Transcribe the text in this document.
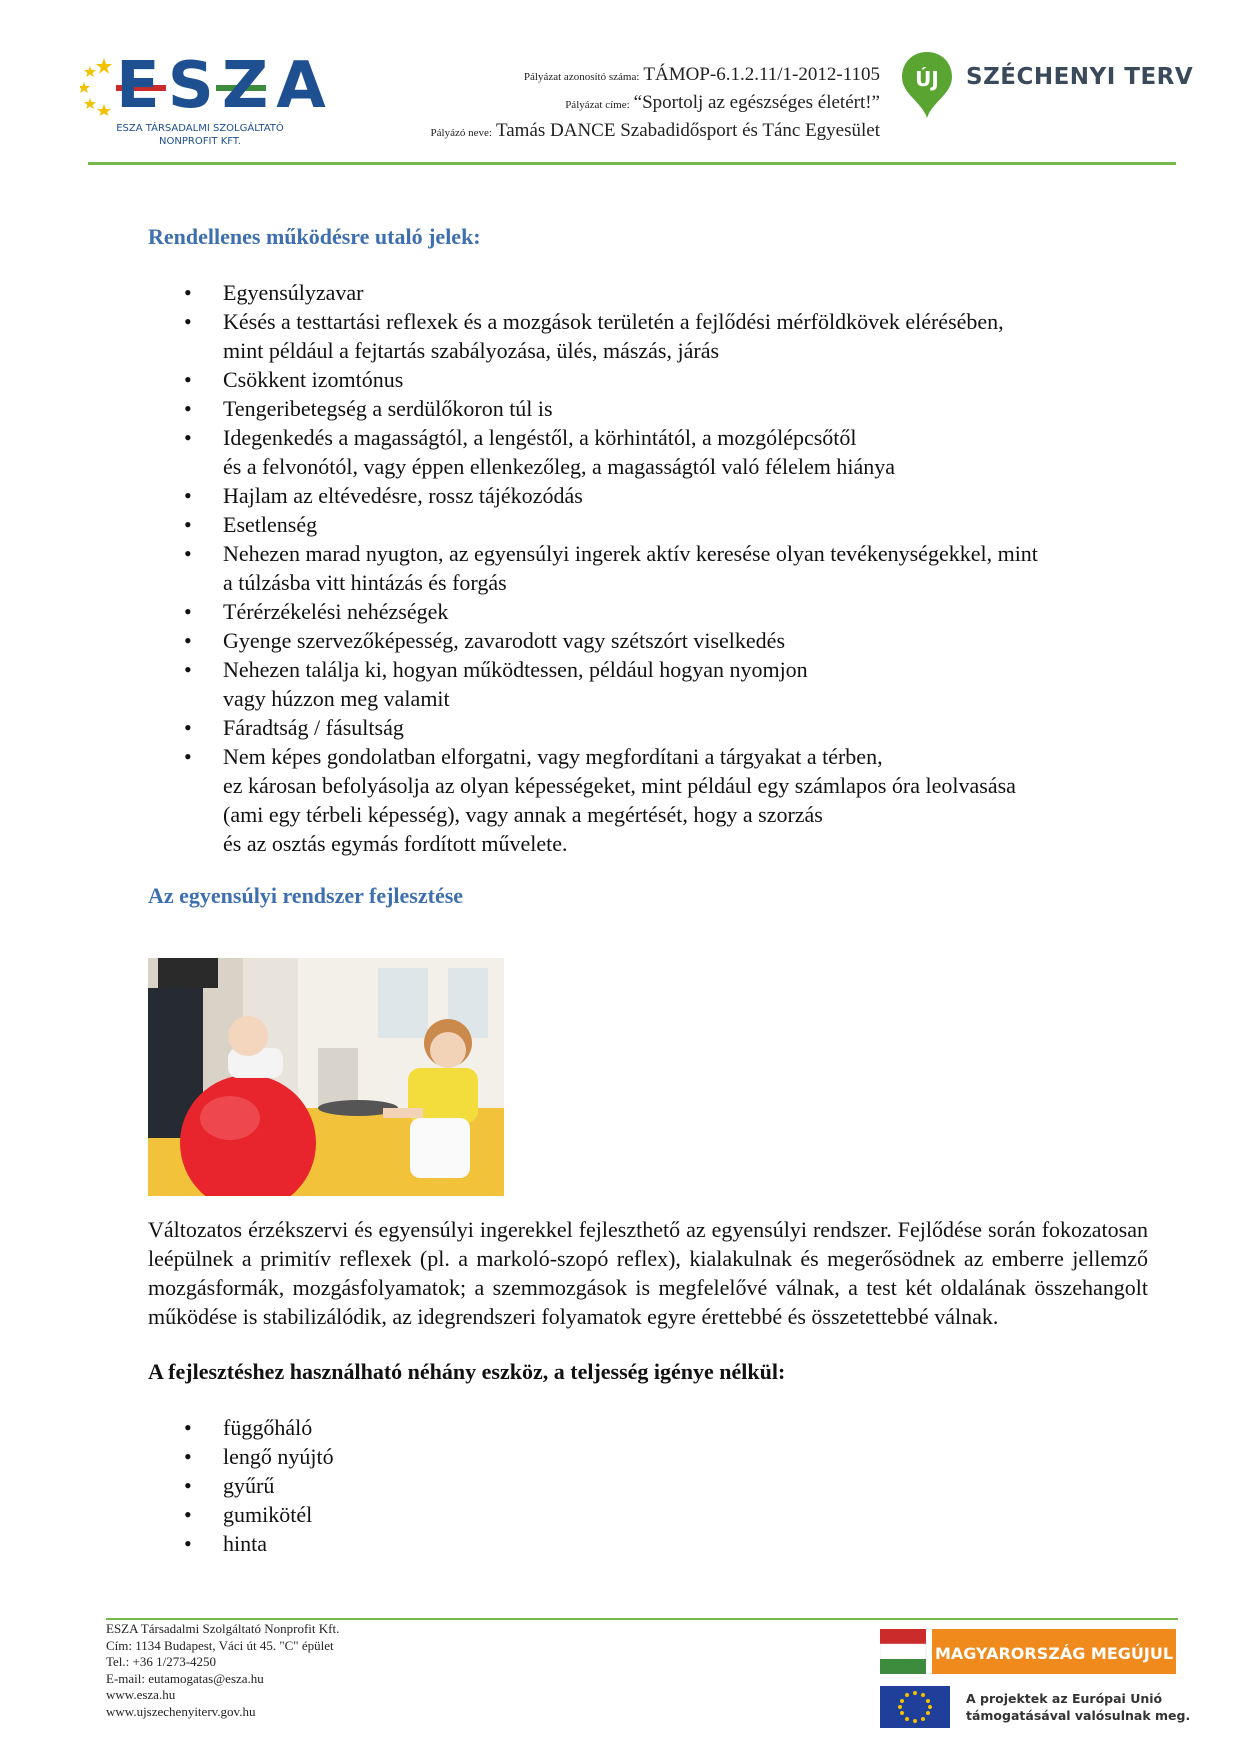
ESZA
ESZA TÁRSADALMI SZOLGÁLTATÓ
NONPROFIT KFT.
Pályázat azonosító száma: TÁMOP-6.1.2.11/1-2012-1105
Pályázat címe: “Sportolj az egészséges életért!”
Pályázó neve: Tamás DANCE Szabadidősport és Tánc Egyesület
ÚJ SZÉCHENYI TERV
Rendellenes működésre utaló jelek:
• Egyensúlyzavar
• Késés a testtartási reflexek és a mozgások területén a fejlődési mérföldkövek elérésében,
mint például a fejtartás szabályozása, ülés, mászás, járás
• Csökkent izomtónus
• Tengeribetegség a serdülőkoron túl is
• Idegenkedés a magasságtól, a lengéstől, a körhintától, a mozgólépcsőtől
és a felvonótól, vagy éppen ellenkezőleg, a magasságtól való félelem hiánya
• Hajlam az eltévedésre, rossz tájékozódás
• Esetlenség
• Nehezen marad nyugton, az egyensúlyi ingerek aktív keresése olyan tevékenységekkel, mint
a túlzásba vitt hintázás és forgás
• Térérzékelési nehézségek
• Gyenge szervezőképesség, zavarodott vagy szétszórt viselkedés
• Nehezen találja ki, hogyan működtessen, például hogyan nyomjon
vagy húzzon meg valamit
• Fáradtság / fásultság
• Nem képes gondolatban elforgatni, vagy megfordítani a tárgyakat a térben,
ez károsan befolyásolja az olyan képességeket, mint például egy számlapos óra leolvasása
(ami egy térbeli képesség), vagy annak a megértését, hogy a szorzás
és az osztás egymás fordított művelete.
Az egyensúlyi rendszer fejlesztése

Változatos érzékszervi és egyensúlyi ingerekkel fejleszthető az egyensúlyi rendszer. Fejlődése során fokozatosan leépülnek a primitív reflexek (pl. a markoló-szopó reflex), kialakulnak és megerősödnek az emberre jellemző mozgásformák, mozgásfolyamatok; a szemmozgások is megfelelővé válnak, a test két oldalának összehangolt működése is stabilizálódik, az idegrendszeri folyamatok egyre érettebbé és összetettebbé válnak.

A fejlesztéshez használható néhány eszköz, a teljesség igénye nélkül:
• függőháló
• lengő nyújtó
• gyűrű
• gumikötél
• hinta
ESZA Társadalmi Szolgáltató Nonprofit Kft.
Cím: 1134 Budapest, Váci út 45. "C" épület
Tel.: +36 1/273-4250
E-mail: eutamogatas@esza.hu
www.esza.hu
www.ujszechenyiterv.gov.hu
MAGYARORSZÁG MEGÚJUL
A projektek az Európai Unió
támogatásával valósulnak meg.
